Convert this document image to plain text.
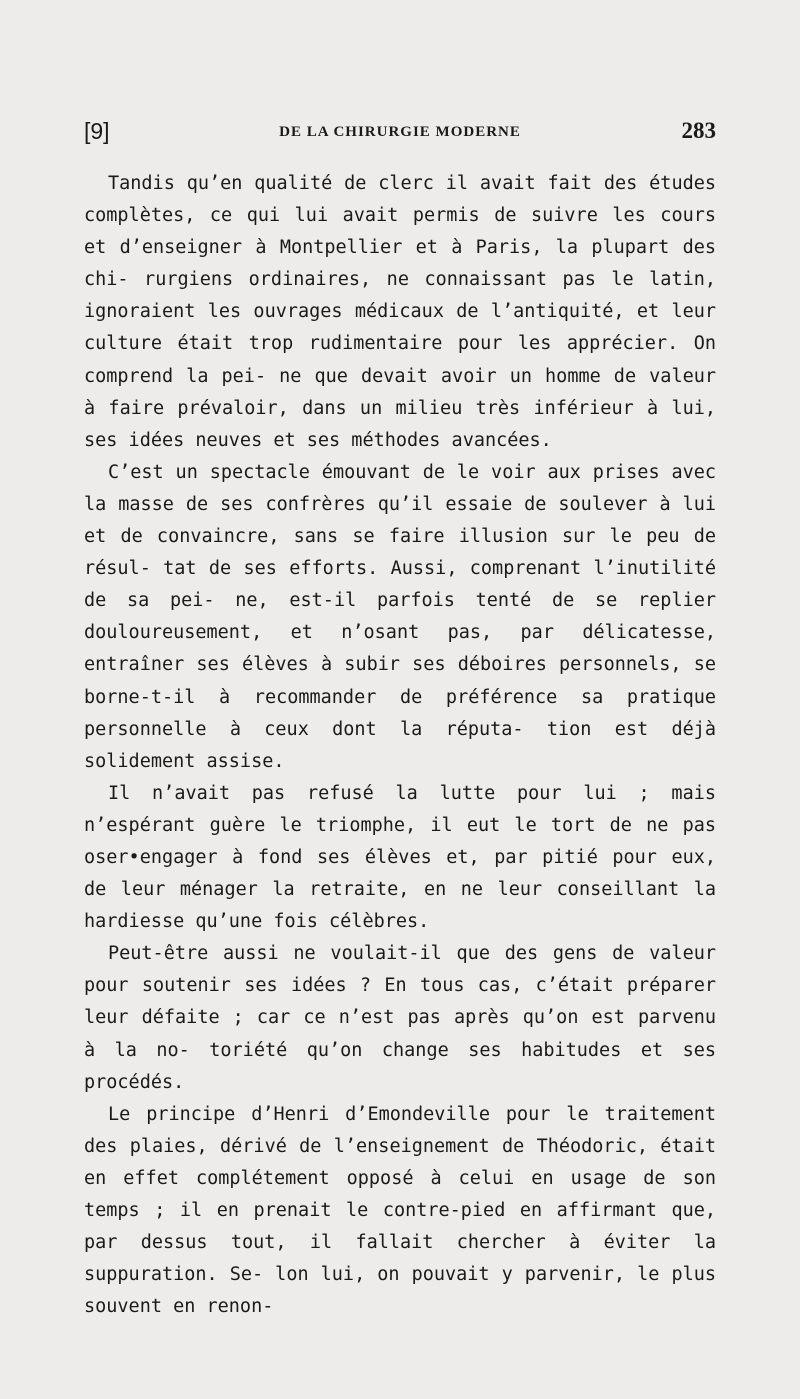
[9]	DE LA CHIRURGIE MODERNE	283

Tandis qu’en qualité de clerc il avait fait des études complètes, ce qui lui avait permis de suivre les cours et d’enseigner à Montpellier et à Paris, la plupart des chi- rurgiens ordinaires, ne connaissant pas le latin, ignoraient les ouvrages médicaux de l’antiquité, et leur culture était trop rudimentaire pour les apprécier. On comprend la pei- ne que devait avoir un homme de valeur à faire prévaloir, dans un milieu très inférieur à lui, ses idées neuves et ses méthodes avancées.

C’est un spectacle émouvant de le voir aux prises avec la masse de ses confrères qu’il essaie de soulever à lui et de convaincre, sans se faire illusion sur le peu de résul- tat de ses efforts. Aussi, comprenant l’inutilité de sa pei- ne, est-il parfois tenté de se replier douloureusement, et n’osant pas, par délicatesse, entraîner ses élèves à subir ses déboires personnels, se borne-t-il à recommander de préférence sa pratique personnelle à ceux dont la réputa- tion est déjà solidement assise.

Il n’avait pas refusé la lutte pour lui ; mais n’espérant guère le triomphe, il eut le tort de ne pas oser•engager à fond ses élèves et, par pitié pour eux, de leur ménager la retraite, en ne leur conseillant la hardiesse qu’une fois célèbres.

Peut-être aussi ne voulait-il que des gens de valeur pour soutenir ses idées ? En tous cas, c’était préparer leur défaite ; car ce n’est pas après qu’on est parvenu à la no- toriété qu’on change ses habitudes et ses procédés.

Le principe d’Henri d’Emondeville pour le traitement des plaies, dérivé de l’enseignement de Théodoric, était en effet complétement opposé à celui en usage de son temps ; il en prenait le contre-pied en affirmant que, par dessus tout, il fallait chercher à éviter la suppuration. Se- lon lui, on pouvait y parvenir, le plus souvent en renon-
